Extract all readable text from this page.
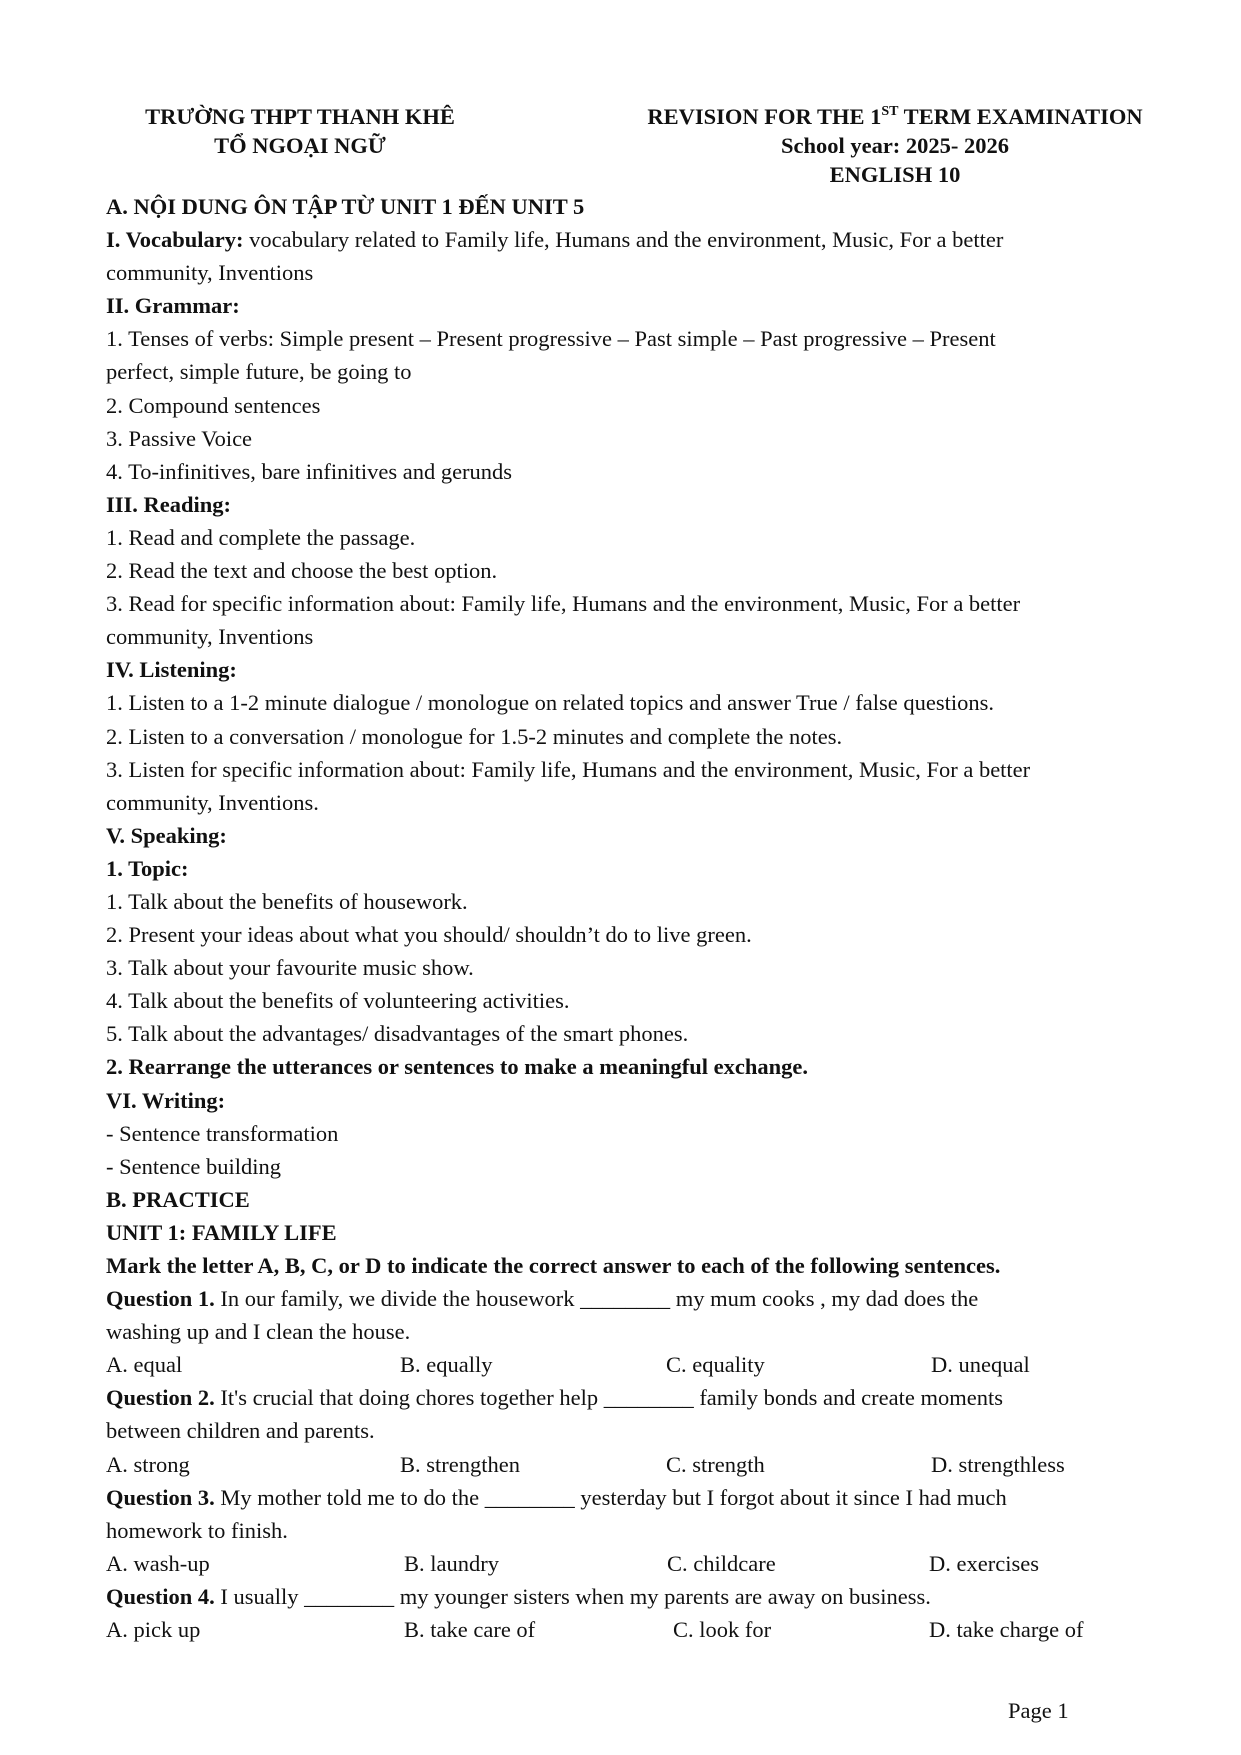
TRƯỜNG THPT THANH KHÊ
TỔ NGOẠI NGỮ
REVISION FOR THE 1ST TERM EXAMINATION
School year: 2025- 2026
ENGLISH 10
A. NỘI DUNG ÔN TẬP TỪ UNIT 1 ĐẾN UNIT 5
I. Vocabulary: vocabulary related to Family life, Humans and the environment, Music, For a better
community, Inventions
II. Grammar:
1. Tenses of verbs: Simple present – Present progressive – Past simple – Past progressive – Present
perfect, simple future, be going to
2. Compound sentences
3. Passive Voice
4. To-infinitives, bare infinitives and gerunds
III. Reading:
1. Read and complete the passage.
2. Read the text and choose the best option.
3. Read for specific information about: Family life, Humans and the environment, Music, For a better
community, Inventions
IV. Listening:
1. Listen to a 1-2 minute dialogue / monologue on related topics and answer True / false questions.
2. Listen to a conversation / monologue for 1.5-2 minutes and complete the notes.
3. Listen for specific information about: Family life, Humans and the environment, Music, For a better
community, Inventions.
V. Speaking:
1. Topic:
1. Talk about the benefits of housework.
2. Present your ideas about what you should/ shouldn’t do to live green.
3. Talk about your favourite music show.
4. Talk about the benefits of volunteering activities.
5. Talk about the advantages/ disadvantages of the smart phones.
2. Rearrange the utterances or sentences to make a meaningful exchange.
VI. Writing:
- Sentence transformation
- Sentence building
B. PRACTICE
UNIT 1: FAMILY LIFE
Mark the letter A, B, C, or D to indicate the correct answer to each of the following sentences.
Question 1. In our family, we divide the housework ________ my mum cooks , my dad does the
washing up and I clean the house.
A. equal	B. equally	C. equality	D. unequal
Question 2. It's crucial that doing chores together help ________ family bonds and create moments
between children and parents.
A. strong	B. strengthen	C. strength	D. strengthless
Question 3. My mother told me to do the ________ yesterday but I forgot about it since I had much
homework to finish.
A. wash-up	B. laundry	C. childcare	D. exercises
Question 4. I usually ________ my younger sisters when my parents are away on business.
A. pick up	B. take care of	C. look for	D. take charge of
Page 1
